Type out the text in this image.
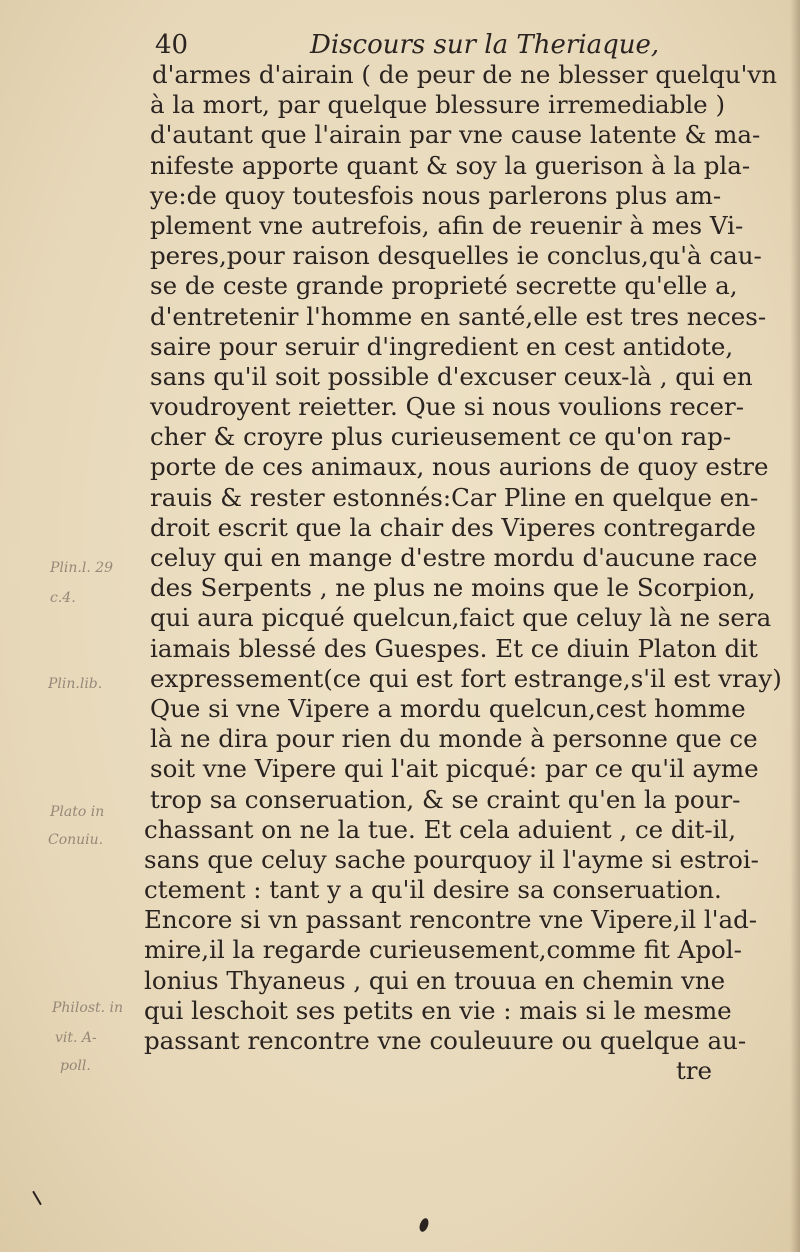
40	Discours sur la Theriaque,
d'armes d'airain ( de peur de ne blesser quelqu'vn
à la mort, par quelque blessure irremediable )
d'autant que l'airain par vne cause latente & ma-
nifeste apporte quant & soy la guerison à la pla-
ye:de quoy toutesfois nous parlerons plus am-
plement vne autrefois, afin de reuenir à mes Vi-
peres,pour raison desquelles ie conclus,qu'à cau-
se de ceste grande proprieté secrette qu'elle a,
d'entretenir l'homme en santé,elle est tres neces-
saire pour seruir d'ingredient en cest antidote,
sans qu'il soit possible d'excuser ceux-là , qui en
voudroyent reietter. Que si nous voulions recer-
cher & croyre plus curieusement ce qu'on rap-
porte de ces animaux, nous aurions de quoy estre
rauis & rester estonnés:Car Pline en quelque en-
droit escrit que la chair des Viperes contregarde
celuy qui en mange d'estre mordu d'aucune race
des Serpents , ne plus ne moins que le Scorpion,
qui aura picqué quelcun,faict que celuy là ne sera
iamais blessé des Guespes. Et ce diuin Platon dit
expressement(ce qui est fort estrange,s'il est vray)
Que si vne Vipere a mordu quelcun,cest homme
là ne dira pour rien du monde à personne que ce
soit vne Vipere qui l'ait picqué: par ce qu'il ayme
trop sa conseruation, & se craint qu'en la pour-
chassant on ne la tue. Et cela aduient , ce dit-il,
sans que celuy sache pourquoy il l'ayme si estroi-
ctement : tant y a qu'il desire sa conseruation.
Encore si vn passant rencontre vne Vipere,il l'ad-
mire,il la regarde curieusement,comme fit Apol-
lonius Thyaneus , qui en trouua en chemin vne
qui leschoit ses petits en vie : mais si le mesme
passant rencontre vne couleuure ou quelque au-
tre
Plin.l. 29
c.4.
Plin.lib.
Plato in
Conuiu.
Philost. in
vit. A-
poll.
